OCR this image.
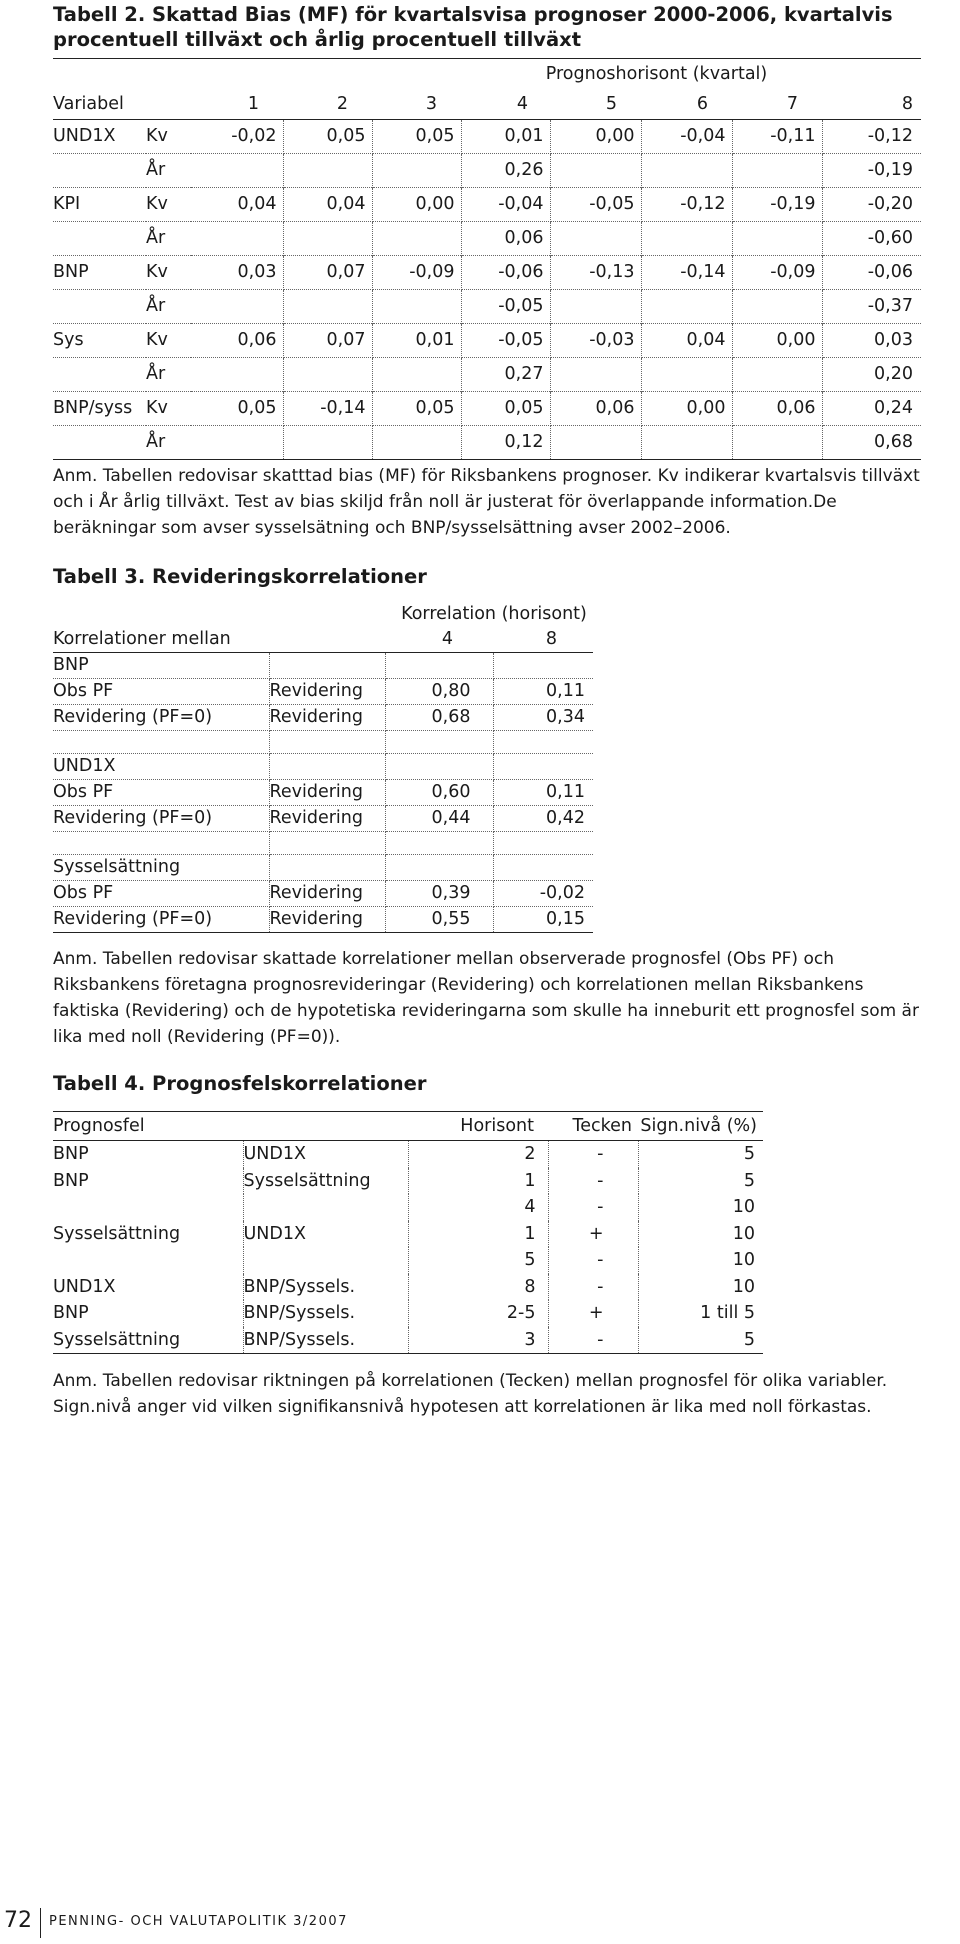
Tabell 2. Skattad Bias (MF) för kvartalsvisa prognoser 2000-2006, kvartalvis procentuell tillväxt och årlig procentuell tillväxt

					Prognoshorisont (kvartal)				
Variabel		1	2	3	4	5	6	7	8
UND1X	Kv	-0,02	0,05	0,05	0,01	0,00	-0,04	-0,11	-0,12
	År				0,26				-0,19
KPI	Kv	0,04	0,04	0,00	-0,04	-0,05	-0,12	-0,19	-0,20
	År				0,06				-0,60
BNP	Kv	0,03	0,07	-0,09	-0,06	-0,13	-0,14	-0,09	-0,06
	År				-0,05				-0,37
Sys	Kv	0,06	0,07	0,01	-0,05	-0,03	0,04	0,00	0,03
	År				0,27				0,20
BNP/syss	Kv	0,05	-0,14	0,05	0,05	0,06	0,00	0,06	0,24
	År				0,12				0,68

Anm. Tabellen redovisar skatttad bias (MF) för Riksbankens prognoser. Kv indikerar kvartalsvis tillväxt och i År årlig tillväxt. Test av bias skiljd från noll är justerat för överlappande information.De beräkningar som avser sysselsätning och BNP/sysselsättning avser 2002–2006.

Tabell 3. Revideringskorrelationer

		Korrelation (horisont)	
Korrelationer mellan		4	8
BNP			
Obs PF	Revidering	0,80	0,11
Revidering (PF=0)	Revidering	0,68	0,34

UND1X			
Obs PF	Revidering	0,60	0,11
Revidering (PF=0)	Revidering	0,44	0,42

Sysselsättning			
Obs PF	Revidering	0,39	-0,02
Revidering (PF=0)	Revidering	0,55	0,15

Anm. Tabellen redovisar skattade korrelationer mellan observerade prognosfel (Obs PF) och Riksbankens företagna prognosrevideringar (Revidering) och korrelationen mellan Riksbankens faktiska (Revidering) och de hypotetiska revideringarna som skulle ha inneburit ett prognosfel som är lika med noll (Revidering (PF=0)).

Tabell 4. Prognosfelskorrelationer

Prognosfel		Horisont	Tecken	Sign.nivå (%)
BNP	UND1X	2	-	5
BNP	Sysselsättning	1	-	5
		4	-	10
Sysselsättning	UND1X	1	+	10
		5	-	10
UND1X	BNP/Syssels.	8	-	10
BNP	BNP/Syssels.	2-5	+	1 till 5
Sysselsättning	BNP/Syssels.	3	-	5

Anm. Tabellen redovisar riktningen på korrelationen (Tecken) mellan prognosfel för olika variabler. Sign.nivå anger vid vilken signifikansnivå hypotesen att korrelationen är lika med noll förkastas.

72 PENNING- OCH VALUTAPOLITIK 3/2007
